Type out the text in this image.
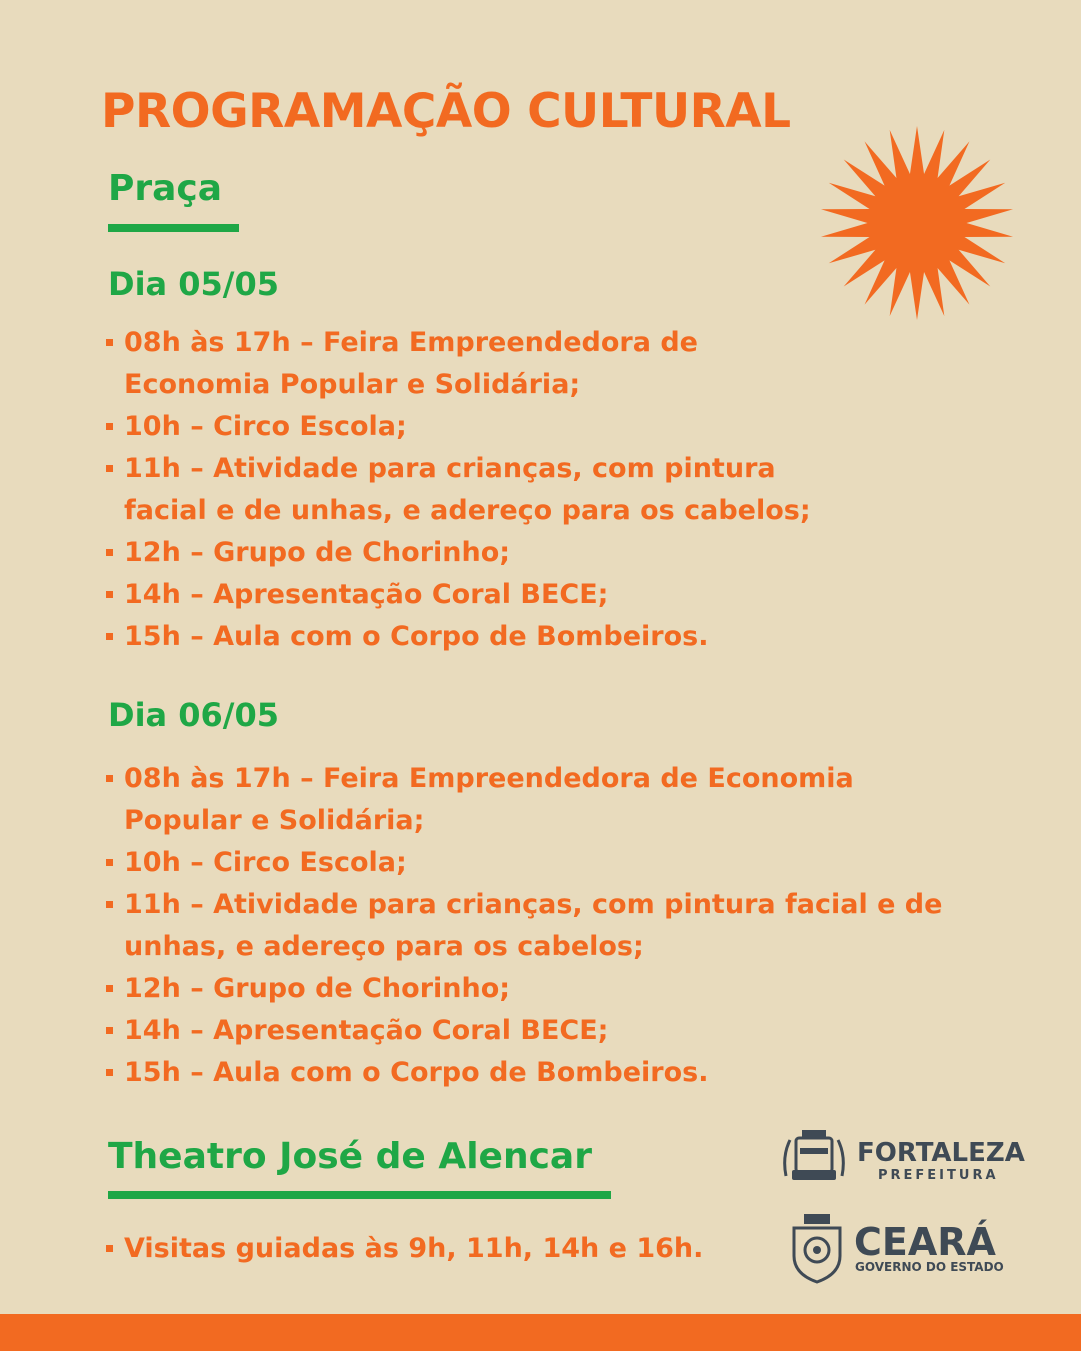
PROGRAMAÇÃO CULTURAL
Praça
Dia 05/05
08h às 17h – Feira Empreendedora de
Economia Popular e Solidária;
10h – Circo Escola;
11h – Atividade para crianças, com pintura
facial e de unhas, e adereço para os cabelos;
12h – Grupo de Chorinho;
14h – Apresentação Coral BECE;
15h – Aula com o Corpo de Bombeiros.
Dia 06/05
08h às 17h – Feira Empreendedora de Economia
Popular e Solidária;
10h – Circo Escola;
11h – Atividade para crianças, com pintura facial e de
unhas, e adereço para os cabelos;
12h – Grupo de Chorinho;
14h – Apresentação Coral BECE;
15h – Aula com o Corpo de Bombeiros.
Theatro José de Alencar
Visitas guiadas às 9h, 11h, 14h e 16h.
FORTALEZA
PREFEITURA
CEARÁ
GOVERNO DO ESTADO
